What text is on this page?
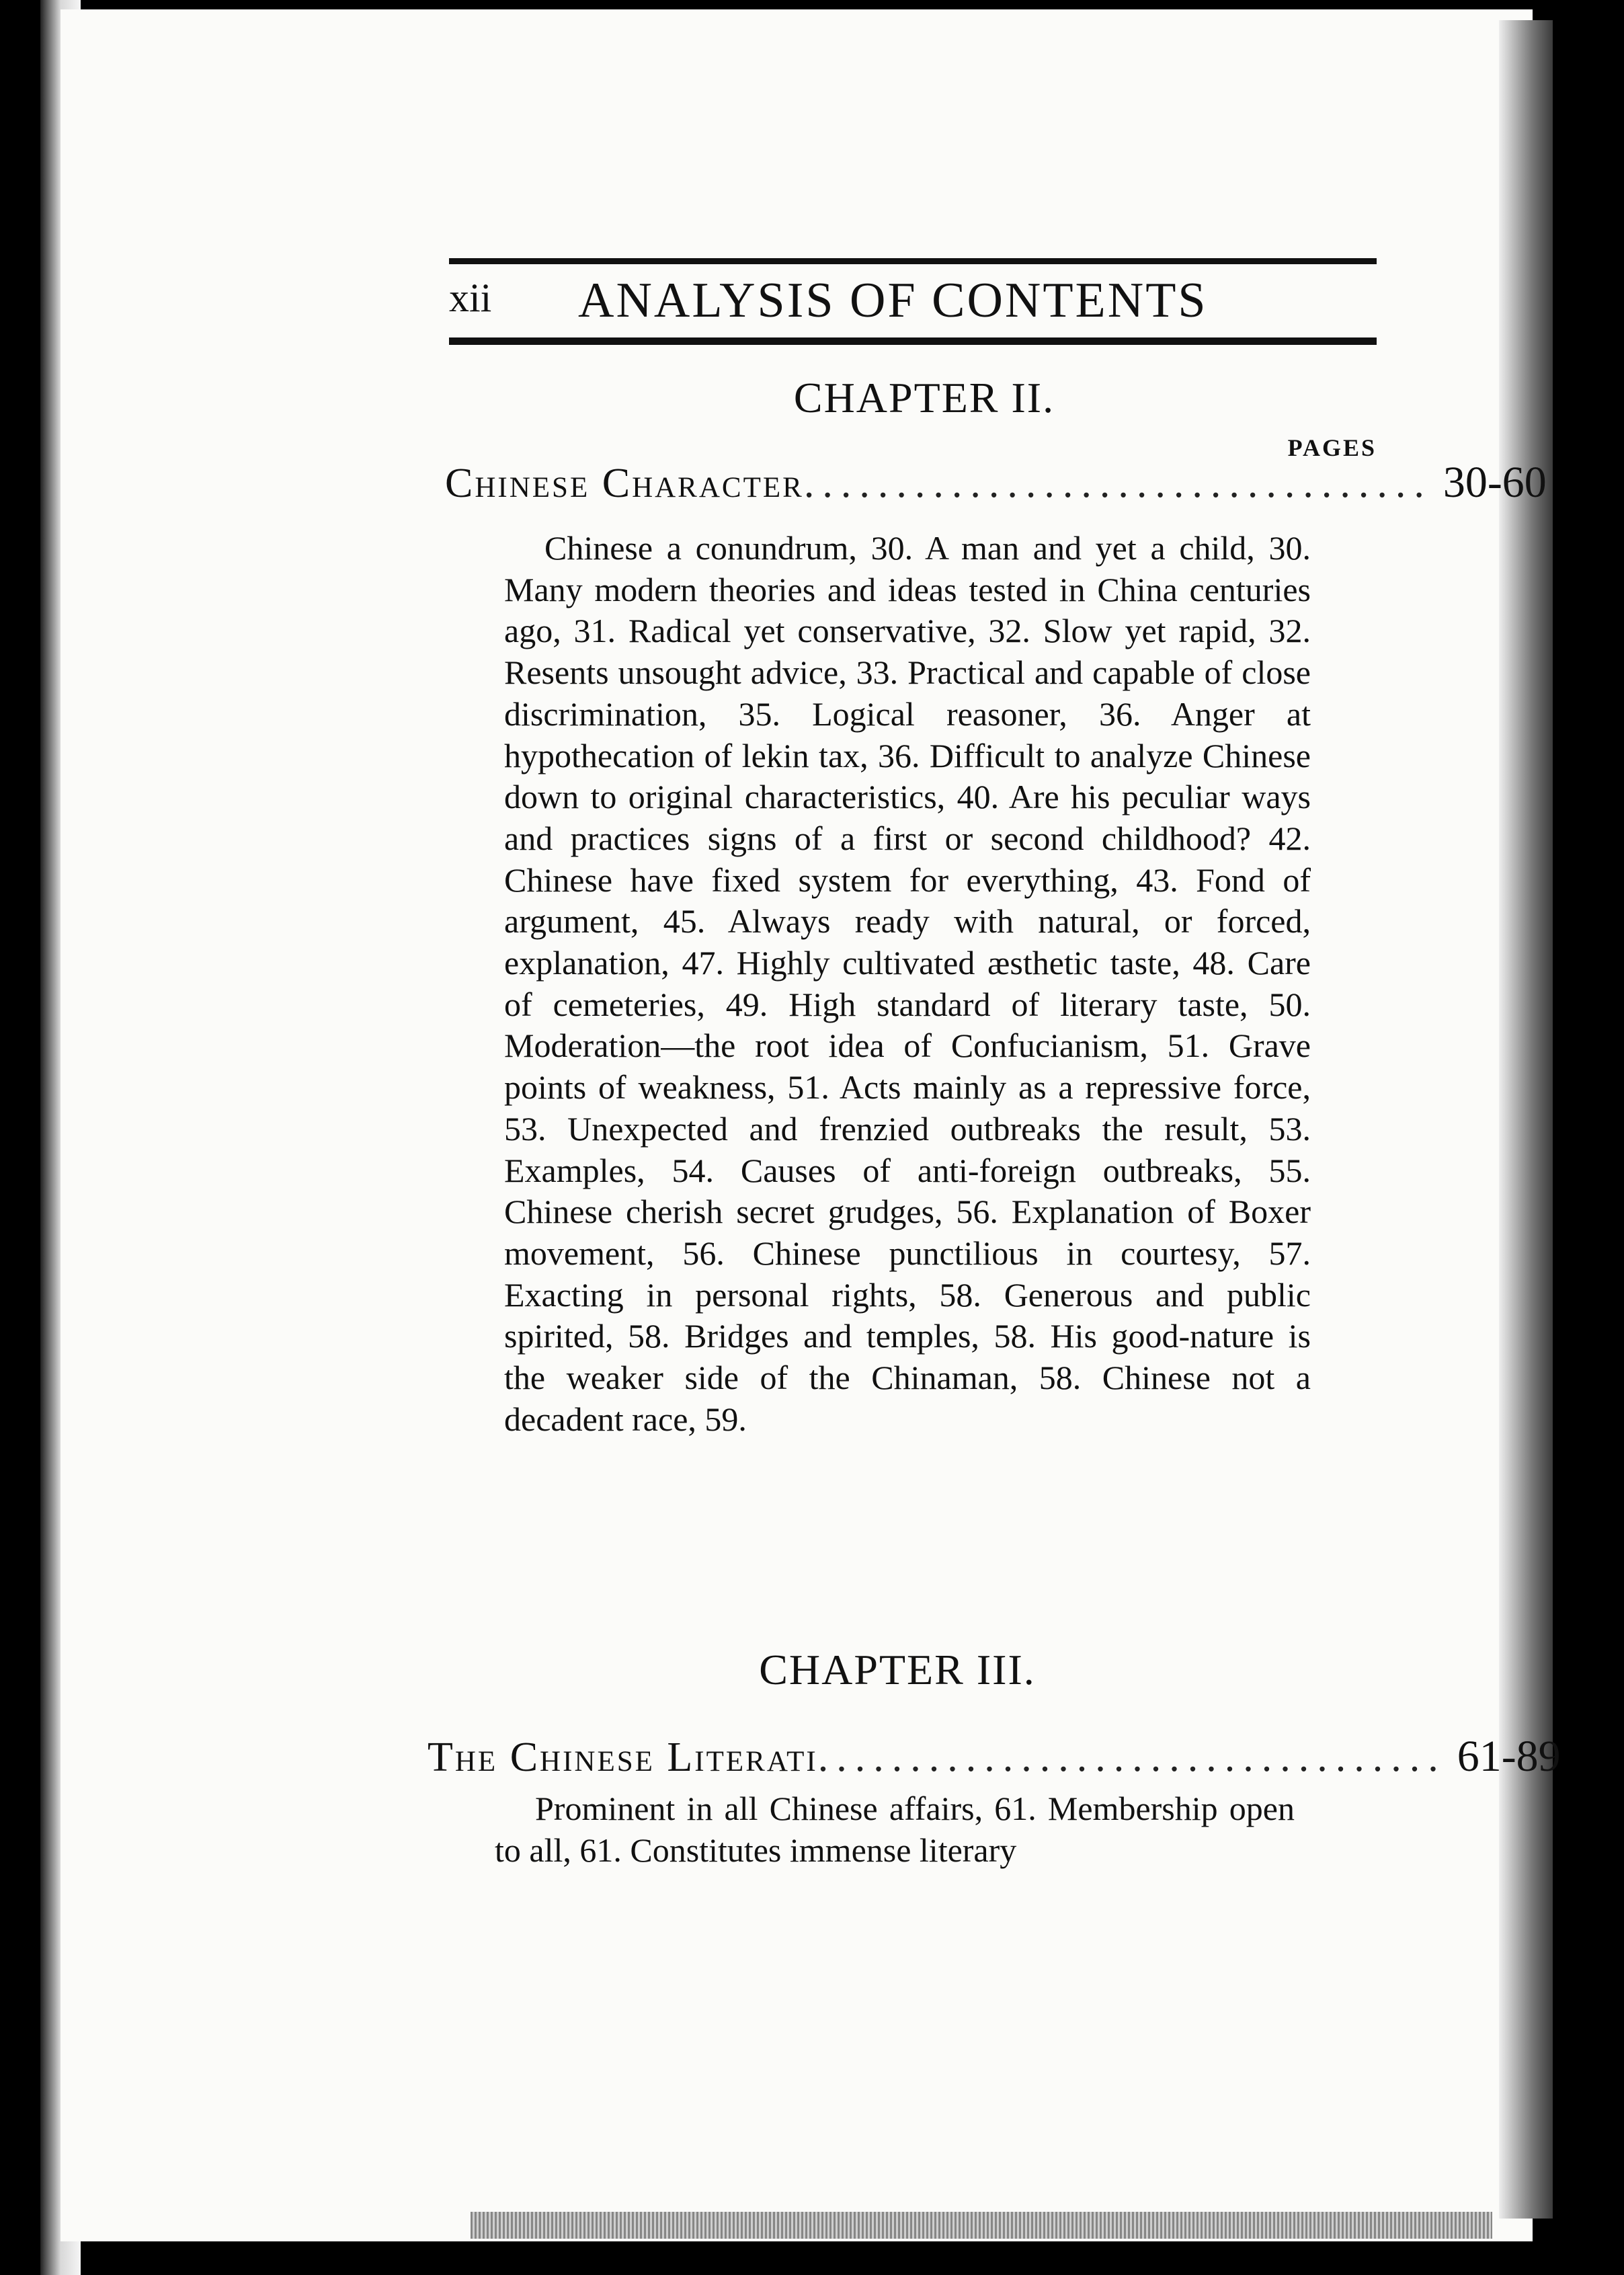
xii ANALYSIS OF CONTENTS
CHAPTER II.
PAGES
Chinese Character .................................. 30-60

Chinese a conundrum, 30. A man and yet a child, 30. Many modern theories and ideas tested in China centuries ago, 31. Radical yet conservative, 32. Slow yet rapid, 32. Resents unsought advice, 33. Practical and capable of close discrimination, 35. Logical reasoner, 36. Anger at hypothecation of lekin tax, 36. Difficult to analyze Chinese down to original characteristics, 40. Are his peculiar ways and practices signs of a first or second childhood? 42. Chinese have fixed system for everything, 43. Fond of argument, 45. Always ready with natural, or forced, explanation, 47. Highly cultivated æsthetic taste, 48. Care of cemeteries, 49. High standard of literary taste, 50. Moderation—the root idea of Confucianism, 51. Grave points of weakness, 51. Acts mainly as a repressive force, 53. Unexpected and frenzied outbreaks the result, 53. Examples, 54. Causes of anti-foreign outbreaks, 55. Chinese cherish secret grudges, 56. Explanation of Boxer movement, 56. Chinese punctilious in courtesy, 57. Exacting in personal rights, 58. Generous and public spirited, 58. Bridges and temples, 58. His good-nature is the weaker side of the Chinaman, 58. Chinese not a decadent race, 59.

CHAPTER III.
The Chinese Literati .................................. 61-89

Prominent in all Chinese affairs, 61. Membership open to all, 61. Constitutes immense literary
